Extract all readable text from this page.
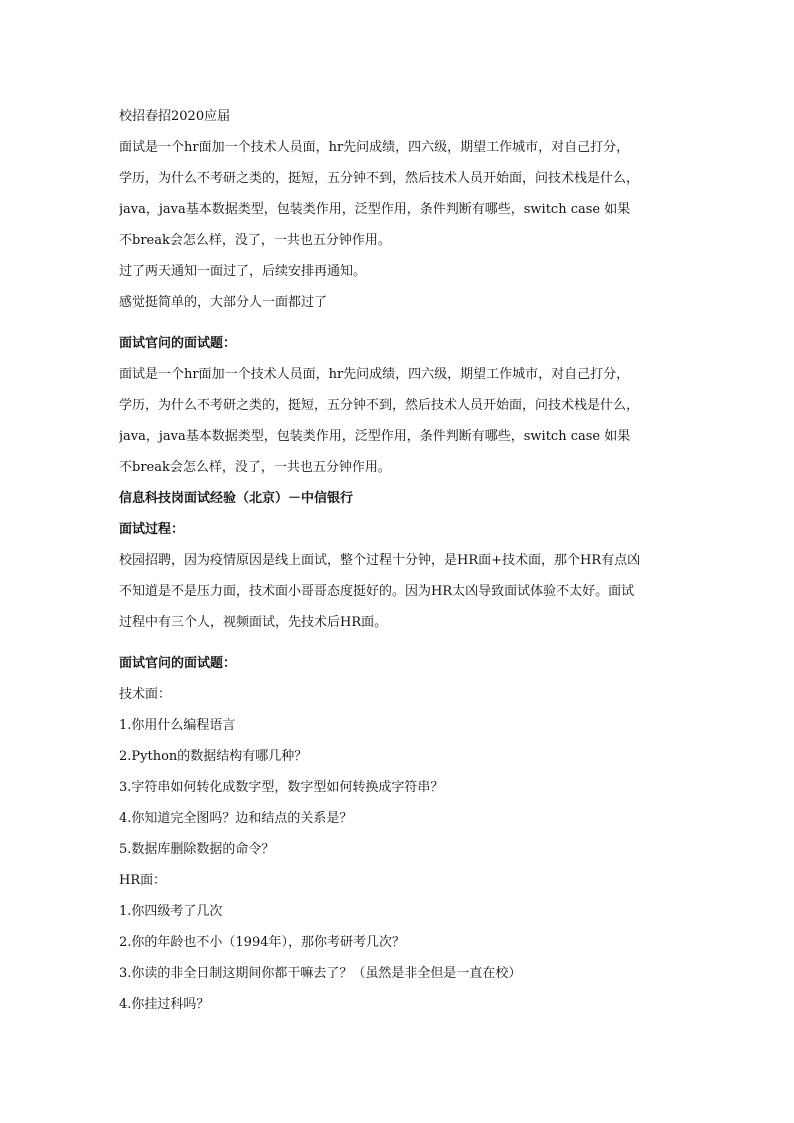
校招春招2020应届
面试是一个hr面加一个技术人员面，hr先问成绩，四六级，期望工作城市，对自己打分，
学历，为什么不考研之类的，挺短，五分钟不到，然后技术人员开始面，问技术栈是什么，
java，java基本数据类型，包装类作用，泛型作用，条件判断有哪些，switch case 如果
不break会怎么样，没了，一共也五分钟作用。
过了两天通知一面过了，后续安排再通知。
感觉挺简单的，大部分人一面都过了
面试官问的面试题：
面试是一个hr面加一个技术人员面，hr先问成绩，四六级，期望工作城市，对自己打分，
学历，为什么不考研之类的，挺短，五分钟不到，然后技术人员开始面，问技术栈是什么，
java，java基本数据类型，包装类作用，泛型作用，条件判断有哪些，switch case 如果
不break会怎么样，没了，一共也五分钟作用。
信息科技岗面试经验（北京）－中信银行
面试过程：
校园招聘，因为疫情原因是线上面试，整个过程十分钟，是HR面+技术面，那个HR有点凶
不知道是不是压力面，技术面小哥哥态度挺好的。因为HR太凶导致面试体验不太好。面试
过程中有三个人，视频面试，先技术后HR面。
面试官问的面试题：
技术面：
1.你用什么编程语言
2.Python的数据结构有哪几种？
3.字符串如何转化成数字型，数字型如何转换成字符串？
4.你知道完全图吗？边和结点的关系是？
5.数据库删除数据的命令？
HR面：
1.你四级考了几次
2.你的年龄也不小（1994年），那你考研考几次？
3.你读的非全日制这期间你都干嘛去了？（虽然是非全但是一直在校）
4.你挂过科吗？
